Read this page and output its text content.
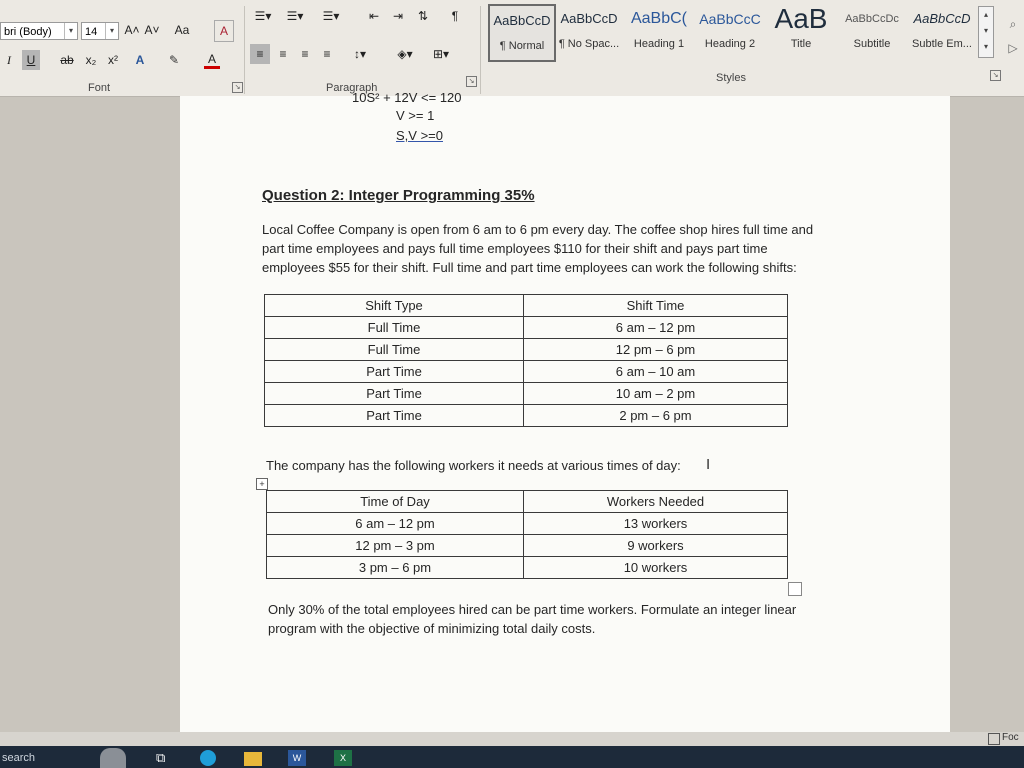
bri (Body)	▾	14	▾ A˄ A˅	Aa	A
I	U	ab x₂ x²	A	✎	A
Font	↘
☰▾	☰▾	☰▾	⇤ ⇥	⇅	¶
≡	≡	≡	≡	↕▾	◈▾	⊞▾
Paragraph
↘
AaBbCcD
¶ Normal
AaBbCcD
¶ No Spac...
AaBbC(
Heading 1
AaBbCcC
Heading 2
AaB
Title
AaBbCcDc
Subtitle
AaBbCcD
Subtle Em...
▴
▾
▾
Styles	↘
⌕
▷
10S² + 12V <= 120
V >= 1
S,V >=0
Question 2: Integer Programming 35%
Local Coffee Company is open from 6 am to 6 pm every day. The coffee shop hires full time and
part time employees and pays full time employees $110 for their shift and pays part time
employees $55 for their shift. Full time and part time employees can work the following shifts:
Shift Type	Shift Time
Full Time	6 am – 12 pm
Full Time	12 pm – 6 pm
Part Time	6 am – 10 am
Part Time	10 am – 2 pm
Part Time	2 pm – 6 pm
The company has the following workers it needs at various times of day: I
+
Time of Day	Workers Needed
6 am – 12 pm	13 workers
12 pm – 3 pm	9 workers
3 pm – 6 pm	10 workers
Only 30% of the total employees hired can be part time workers. Formulate an integer linear
program with the objective of minimizing total daily costs.
Foc
search	⧉	W	X
